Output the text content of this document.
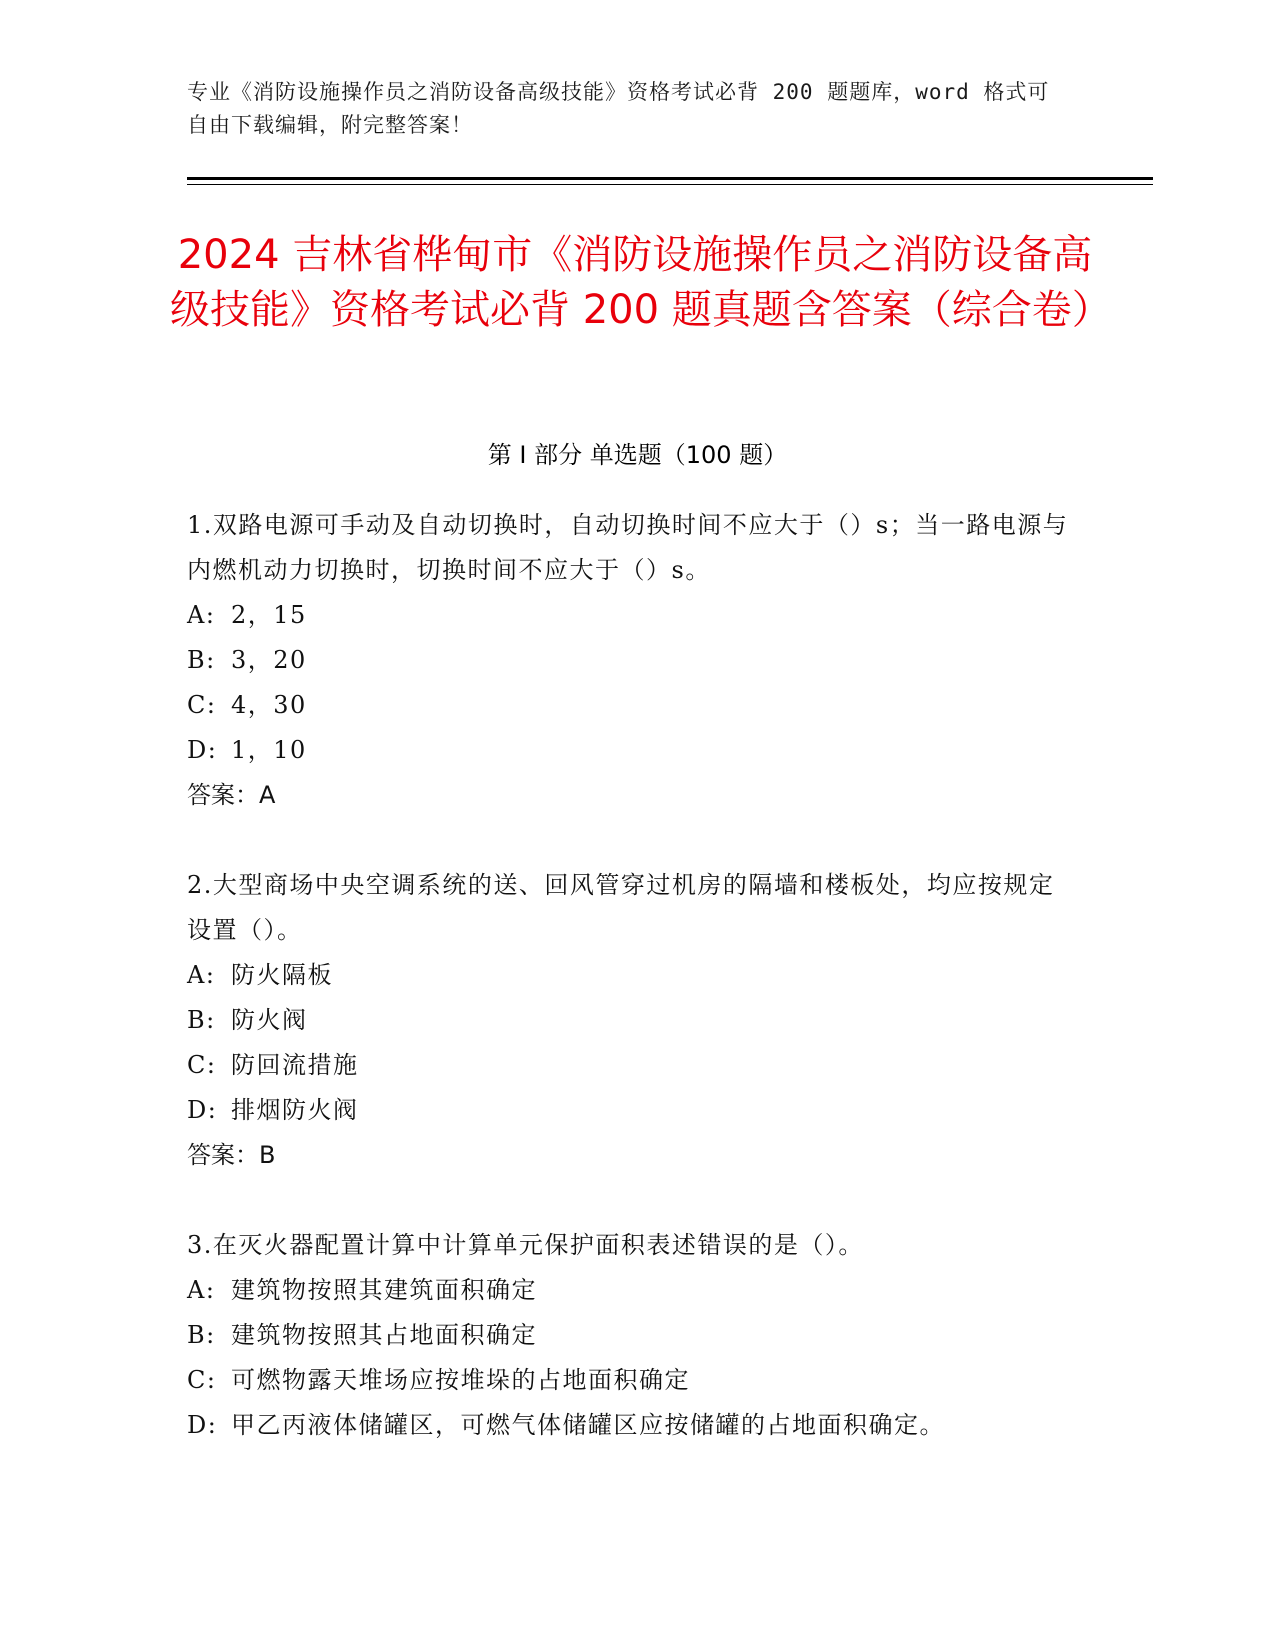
专业《消防设施操作员之消防设备高级技能》资格考试必背 200 题题库，word 格式可自由下载编辑，附完整答案！
2024 吉林省桦甸市《消防设施操作员之消防设备高级技能》资格考试必背 200 题真题含答案（综合卷）
第 I 部分 单选题（100 题）
1.双路电源可手动及自动切换时，自动切换时间不应大于（）s；当一路电源与内燃机动力切换时，切换时间不应大于（）s。
A: 2，15
B: 3，20
C: 4，30
D: 1，10
答案：A
2.大型商场中央空调系统的送、回风管穿过机房的隔墙和楼板处，均应按规定设置（）。
A: 防火隔板
B: 防火阀
C: 防回流措施
D: 排烟防火阀
答案：B
3.在灭火器配置计算中计算单元保护面积表述错误的是（）。
A: 建筑物按照其建筑面积确定
B: 建筑物按照其占地面积确定
C: 可燃物露天堆场应按堆垛的占地面积确定
D: 甲乙丙液体储罐区，可燃气体储罐区应按储罐的占地面积确定。
